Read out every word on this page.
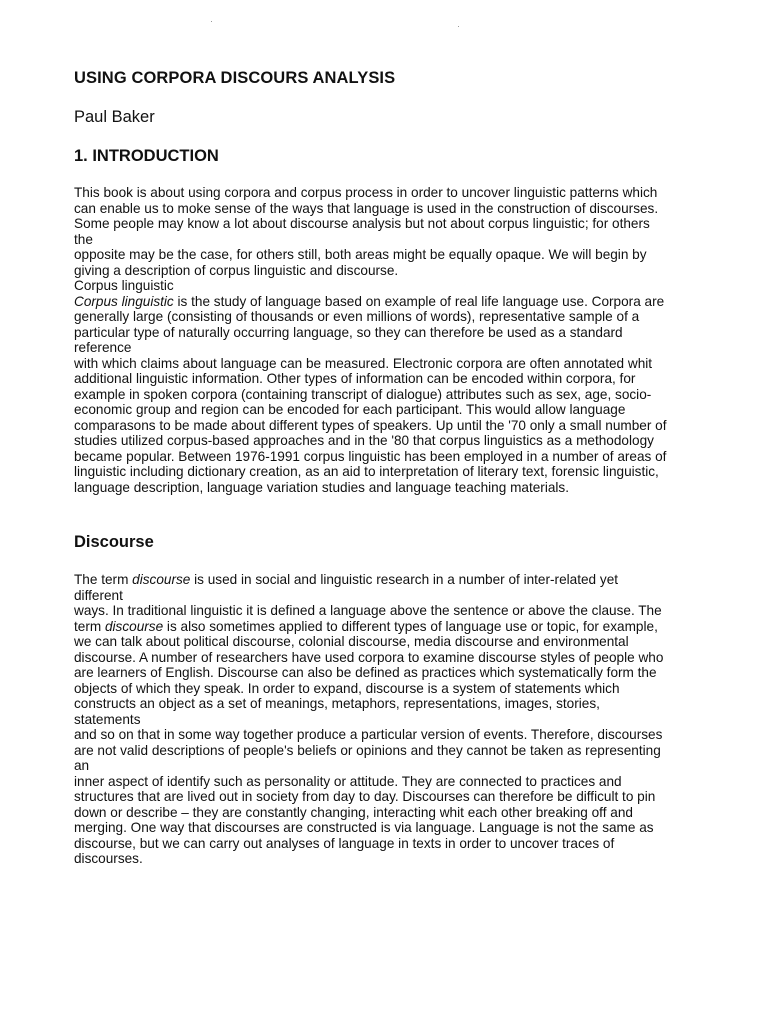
USING CORPORA DISCOURS ANALYSIS

Paul Baker

1. INTRODUCTION
This book is about using corpora and corpus process in order to uncover linguistic patterns which
can enable us to moke sense of the ways that language is used in the construction of discourses.
Some people may know a lot about discourse analysis but not about corpus linguistic; for others
the
opposite may be the case, for others still, both areas might be equally opaque. We will begin by
giving a description of corpus linguistic and discourse.
Corpus linguistic
Corpus linguistic is the study of language based on example of real life language use. Corpora are
generally large (consisting of thousands or even millions of words), representative sample of a
particular type of naturally occurring language, so they can therefore be used as a standard
reference
with which claims about language can be measured. Electronic corpora are often annotated whit
additional linguistic information. Other types of information can be encoded within corpora, for
example in spoken corpora (containing transcript of dialogue) attributes such as sex, age, socio-
economic group and region can be encoded for each participant. This would allow language
comparasons to be made about different types of speakers. Up until the '70 only a small number of
studies utilized corpus-based approaches and in the '80 that corpus linguistics as a methodology
became popular. Between 1976-1991 corpus linguistic has been employed in a number of areas of
linguistic including dictionary creation, as an aid to interpretation of literary text, forensic linguistic,
language description, language variation studies and language teaching materials.
Discourse
The term discourse is used in social and linguistic research in a number of inter-related yet
different
ways. In traditional linguistic it is defined a language above the sentence or above the clause. The
term discourse is also sometimes applied to different types of language use or topic, for example,
we can talk about political discourse, colonial discourse, media discourse and environmental
discourse. A number of researchers have used corpora to examine discourse styles of people who
are learners of English. Discourse can also be defined as practices which systematically form the
objects of which they speak. In order to expand, discourse is a system of statements which
constructs an object as a set of meanings, metaphors, representations, images, stories,
statements
and so on that in some way together produce a particular version of events. Therefore, discourses
are not valid descriptions of people's beliefs or opinions and they cannot be taken as representing
an
inner aspect of identify such as personality or attitude. They are connected to practices and
structures that are lived out in society from day to day. Discourses can therefore be difficult to pin
down or describe – they are constantly changing, interacting whit each other breaking off and
merging. One way that discourses are constructed is via language. Language is not the same as
discourse, but we can carry out analyses of language in texts in order to uncover traces of
discourses.
